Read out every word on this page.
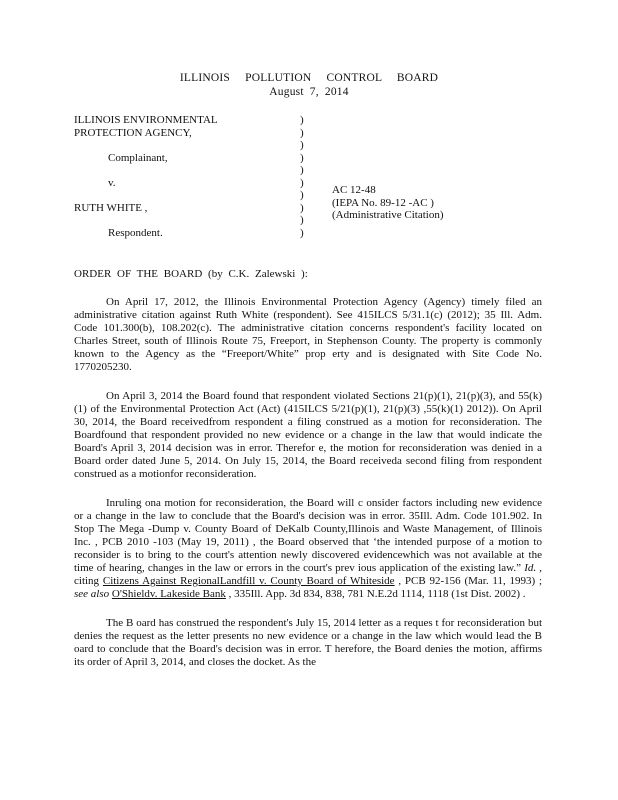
ILLINOIS POLLUTION CONTROL BOARD
August 7, 2014
ILLINOIS ENVIRONMENTAL
PROTECTION AGENCY,
Complainant,
v.
RUTH WHITE ,
Respondent.
)
)
)
)
)
)
)
)
)
)
AC 12-48
(IEPA No. 89-12 -AC )
(Administrative Citation)
ORDER OF THE BOARD (by C.K. Zalewski ):

On April 17, 2012, the Illinois Environmental Protection Agency (Agency) timely filed an administrative citation against Ruth White (respondent). See 415ILCS 5/31.1(c) (2012); 35 Ill. Adm. Code 101.300(b), 108.202(c). The administrative citation concerns respondent's facility located on Charles Street, south of Illinois Route 75, Freeport, in Stephenson County. The property is commonly known to the Agency as the “Freeport/White” prop erty and is designated with Site Code No. 1770205230.

On April 3, 2014 the Board found that respondent violated Sections 21(p)(1), 21(p)(3), and 55(k)(1) of the Environmental Protection Act (Act) (415ILCS 5/21(p)(1), 21(p)(3) ,55(k)(1) 2012)). On April 30, 2014, the Board receivedfrom respondent a filing construed as a motion for reconsideration. The Boardfound that respondent provided no new evidence or a change in the law that would indicate the Board's April 3, 2014 decision was in error. Therefor e, the motion for reconsideration was denied in a Board order dated June 5, 2014. On July 15, 2014, the Board receiveda second filing from respondent construed as a motionfor reconsideration.

Inruling ona motion for reconsideration, the Board will c onsider factors including new evidence or a change in the law to conclude that the Board's decision was in error. 35Ill. Adm. Code 101.902. In Stop The Mega -Dump v. County Board of DeKalb County,Illinois and Waste Management, of Illinois Inc. , PCB 2010 -103 (May 19, 2011) , the Board observed that ‘the intended purpose of a motion to reconsider is to bring to the court's attention newly discovered evidencewhich was not available at the time of hearing, changes in the law or errors in the court's prev ious application of the existing law.” Id. , citing Citizens Against RegionalLandfill v. County Board of Whiteside , PCB 92-156 (Mar. 11, 1993) ; see also O'Shieldv. Lakeside Bank , 335Ill. App. 3d 834, 838, 781 N.E.2d 1114, 1118 (1st Dist. 2002) .

The B oard has construed the respondent's July 15, 2014 letter as a reques t for reconsideration but denies the request as the letter presents no new evidence or a change in the law which would lead the B oard to conclude that the Board's decision was in error. T herefore, the Board denies the motion, affirms its order of April 3, 2014, and closes the docket. As the
